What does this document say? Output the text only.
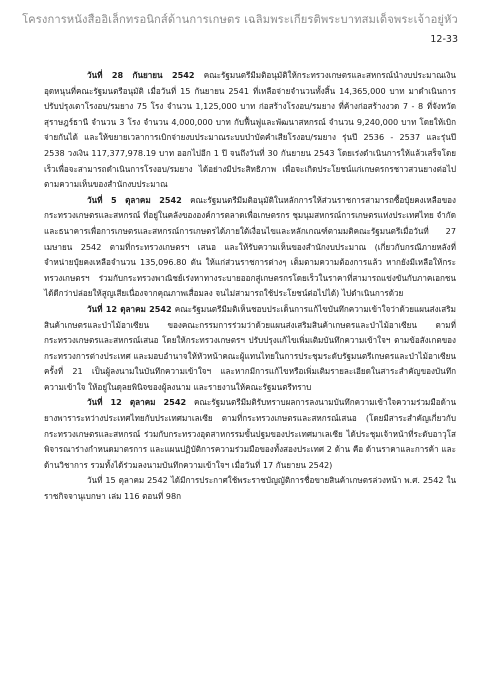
โครงการหนังสืออิเล็กทรอนิกส์ด้านการเกษตร เฉลิมพระเกียรติพระบาทสมเด็จพระเจ้าอยู่หัว
12-33

วันที่ 28 กันยายน 2542 คณะรัฐมนตรีมีมติอนุมัติให้กระทรวงเกษตรและสหกรณ์นำงบประมาณเงินอุดหนุนที่คณะรัฐมนตรีอนุมัติ เมื่อวันที่ 15 กันยายน 2541 ที่เหลือจ่ายจำนวนทั้งสิ้น 14,365,000 บาท มาดำเนินการปรับปรุงเตาโรงอบ/รมยาง 75 โรง จำนวน 1,125,000 บาท ก่อสร้างโรงอบ/รมยาง ที่ค้างก่อสร้างงวด 7 - 8 ที่จังหวัดสุราษฎร์ธานี จำนวน 3 โรง จำนวน 4,000,000 บาท กับฟื้นฟูและพัฒนาสหกรณ์ จำนวน 9,240,000 บาท โดยให้เบิกจ่ายกันได้ และให้ขยายเวลาการเบิกจ่ายงบประมาณระบบป่าบัตคำเสียโรงอบ/รมยาง รุ่นปี 2536 - 2537 และรุ่นปี 2538 วงเงิน 117,377,978.19 บาท ออกไปอีก 1 ปี จนถึงวันที่ 30 กันยายน 2543 โดยเร่งดำเนินการให้แล้วเสร็จโดยเร็วเพื่อจะสามารถดำเนินการโรงอบ/รมยาง ได้อย่างมีประสิทธิภาพ เพื่อจะเกิดประโยชน์แก่เกษตรกรชาวสวนยางต่อไป ตามความเห็นของสำนักงบประมาณ

วันที่ 5 ตุลาคม 2542 คณะรัฐมนตรีมีมติอนุมัติในหลักการให้ส่วนราชการสามารถซื้อปุ๋ยคงเหลือของกระทรวงเกษตรและสหกรณ์ ที่อยู่ในคลังขององค์การตลาดเพื่อเกษตรกร ชุมนุมสหกรณ์การเกษตรแห่งประเทศไทย จำกัด และธนาคารเพื่อการเกษตรและสหกรณ์การเกษตรได้ภายใต้เงื่อนไขและหลักเกณฑ์ตามมติคณะรัฐมนตรีเมื่อวันที่ 27 เมษายน 2542 ตามที่กระทรวงเกษตรฯ เสนอ และให้รับความเห็นของสำนักงบประมาณ (เกี่ยวกับกรณีภายหลังที่จำหน่ายปุ๋ยคงเหลือจำนวน 135,096.80 ตัน ให้แก่ส่วนราชการต่างๆ เต็มตามความต้องการแล้ว หากยังมีเหลือให้กระทรวงเกษตรฯ ร่วมกับกระทรวงพาณิชย์เร่งหาทางระบายออกสู่เกษตรกรโดยเร็วในราคาที่สามารถแข่งขันกับภาคเอกชนได้ดีกว่าปล่อยให้สูญเสียเนื่องจากคุณภาพเสื่อมลง จนไม่สามารถใช้ประโยชน์ต่อไปได้) ไปดำเนินการด้วย

วันที่ 12 ตุลาคม 2542 คณะรัฐมนตรีมีมติเห็นชอบประเด็นการแก้ไขบันทึกความเข้าใจว่าด้วยแผนส่งเสริมสินค้าเกษตรและป่าไม้อาเซียน ของคณะกรรมการร่วมว่าด้วยแผนส่งเสริมสินค้าเกษตรและป่าไม้อาเซียน ตามที่กระทรวงเกษตรและสหกรณ์เสนอ โดยให้กระทรวงเกษตรฯ ปรับปรุงแก้ไขเพิ่มเติมบันทึกความเข้าใจฯ ตามข้อสังเกตของกระทรวงการต่างประเทศ และมอบอำนาจให้หัวหน้าคณะผู้แทนไทยในการประชุมระดับรัฐมนตรีเกษตรและป่าไม้อาเซียน ครั้งที่ 21 เป็นผู้ลงนามในบันทึกความเข้าใจฯ และหากมีการแก้ไขหรือเพิ่มเติมรายละเอียดในสาระสำคัญของบันทึกความเข้าใจ ให้อยู่ในดุลยพินิจของผู้ลงนาม และรายงานให้คณะรัฐมนตรีทราบ

วันที่ 12 ตุลาคม 2542 คณะรัฐมนตรีมีมติรับทราบผลการลงนามบันทึกความเข้าใจความร่วมมือด้านยางพาราระหว่างประเทศไทยกับประเทศมาเลเซีย ตามที่กระทรวงเกษตรและสหกรณ์เสนอ (โดยมีสาระสำคัญเกี่ยวกับกระทรวงเกษตรและสหกรณ์ ร่วมกับกระทรวงอุตสาหกรรมขั้นปฐมของประเทศมาเลเซีย ได้ประชุมเจ้าหน้าที่ระดับอาวุโสพิจารณาร่างกำหนดมาตรการ และแผนปฏิบัติการความร่วมมือของทั้งสองประเทศ 2 ด้าน คือ ด้านราคาและการค้า และด้านวิชาการ รวมทั้งได้ร่วมลงนามบันทึกความเข้าใจฯ เมื่อวันที่ 17 กันยายน 2542)

วันที่ 15 ตุลาคม 2542 ได้มีการประกาศใช้พระราชบัญญัติการชื่อขายสินค้าเกษตรล่วงหน้า พ.ศ. 2542 ในราชกิจจานุเบกษา เล่ม 116 ตอนที่ 98ก
